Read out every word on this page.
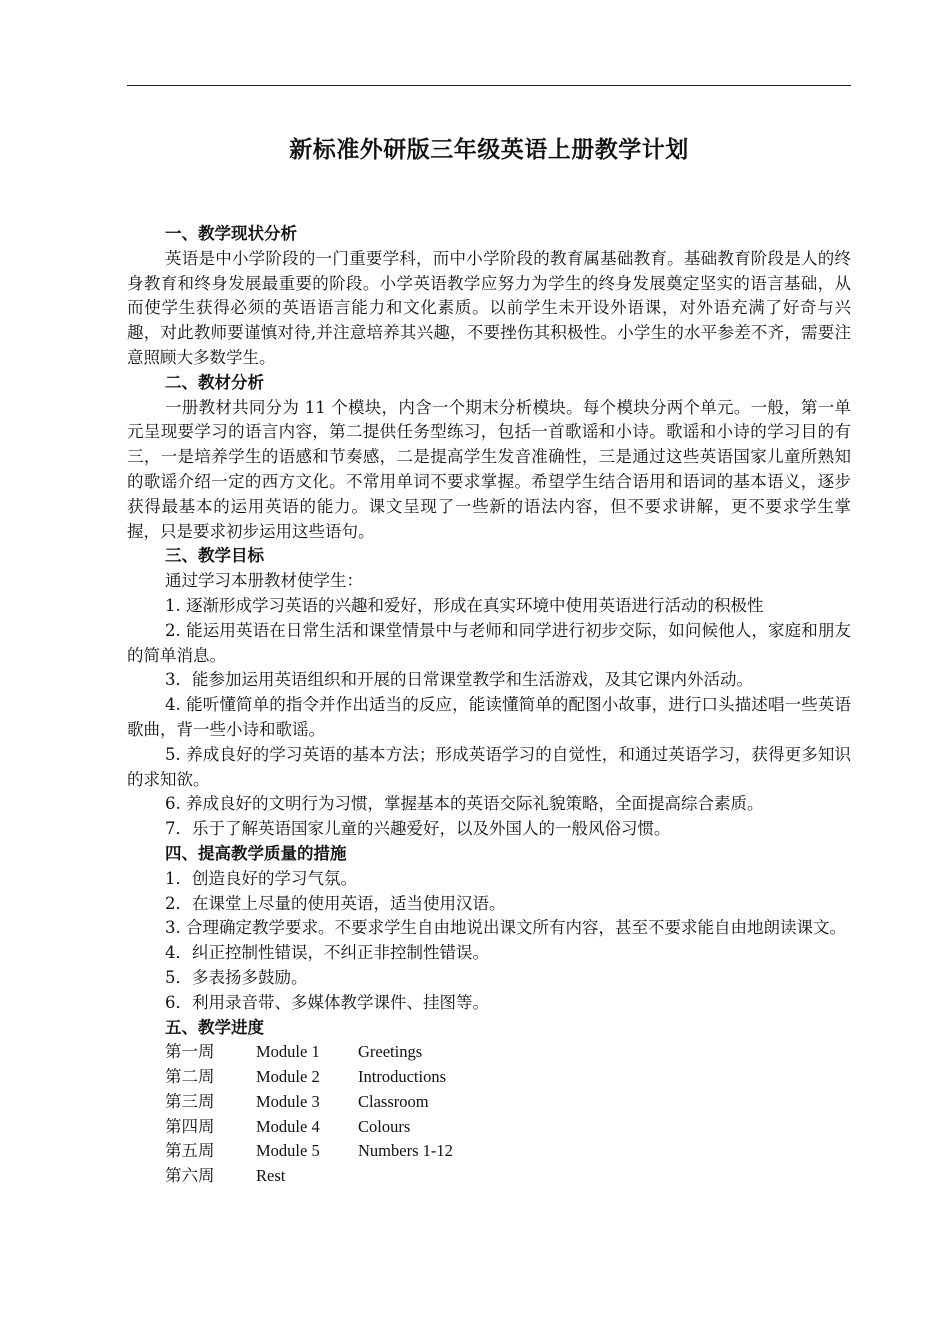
新标准外研版三年级英语上册教学计划
一、教学现状分析
英语是中小学阶段的一门重要学科，而中小学阶段的教育属基础教育。基础教育阶段是人的终身教育和终身发展最重要的阶段。小学英语教学应努力为学生的终身发展奠定坚实的语言基础，从而使学生获得必须的英语语言能力和文化素质。以前学生未开设外语课，对外语充满了好奇与兴趣，对此教师要谨慎对待,并注意培养其兴趣，不要挫伤其积极性。小学生的水平参差不齐，需要注意照顾大多数学生。
二、教材分析
一册教材共同分为 11 个模块，内含一个期末分析模块。每个模块分两个单元。一般，第一单元呈现要学习的语言内容，第二提供任务型练习，包括一首歌谣和小诗。歌谣和小诗的学习目的有三，一是培养学生的语感和节奏感，二是提高学生发音准确性，三是通过这些英语国家儿童所熟知的歌谣介绍一定的西方文化。不常用单词不要求掌握。希望学生结合语用和语词的基本语义，逐步获得最基本的运用英语的能力。课文呈现了一些新的语法内容，但不要求讲解，更不要求学生掌握，只是要求初步运用这些语句。
三、教学目标
通过学习本册教材使学生：
1. 逐渐形成学习英语的兴趣和爱好，形成在真实环境中使用英语进行活动的积极性
2. 能运用英语在日常生活和课堂情景中与老师和同学进行初步交际，如问候他人，家庭和朋友的简单消息。
3．能参加运用英语组织和开展的日常课堂教学和生活游戏，及其它课内外活动。
4. 能听懂简单的指令并作出适当的反应，能读懂简单的配图小故事，进行口头描述唱一些英语歌曲，背一些小诗和歌谣。
5. 养成良好的学习英语的基本方法；形成英语学习的自觉性，和通过英语学习，获得更多知识的求知欲。
6. 养成良好的文明行为习惯，掌握基本的英语交际礼貌策略，全面提高综合素质。
7．乐于了解英语国家儿童的兴趣爱好，以及外国人的一般风俗习惯。
四、提高教学质量的措施
1．创造良好的学习气氛。
2．在课堂上尽量的使用英语，适当使用汉语。
3. 合理确定教学要求。不要求学生自由地说出课文所有内容，甚至不要求能自由地朗读课文。
4．纠正控制性错误，不纠正非控制性错误。
5．多表扬多鼓励。
6．利用录音带、多媒体教学课件、挂图等。
五、教学进度
第一周	Module 1	Greetings
第二周	Module 2	Introductions
第三周	Module 3	Classroom
第四周	Module 4	Colours
第五周	Module 5	Numbers 1-12
第六周	Rest
